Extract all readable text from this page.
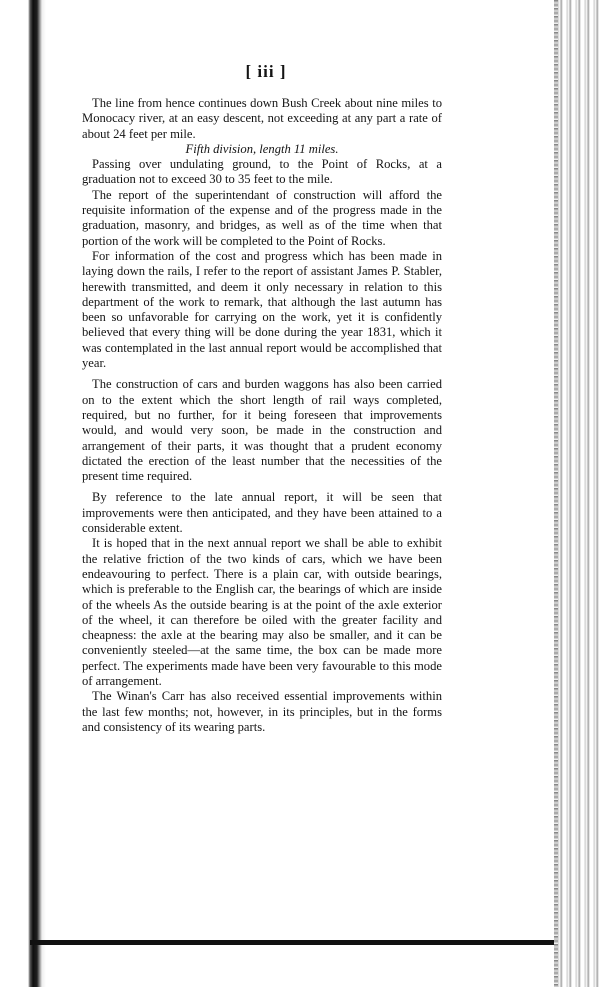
[ iii ]

The line from hence continues down Bush Creek about nine miles to Monocacy river, at an easy descent, not exceeding at any part a rate of about 24 feet per mile.

Fifth division, length 11 miles.

Passing over undulating ground, to the Point of Rocks, at a graduation not to exceed 30 to 35 feet to the mile.

The report of the superintendant of construction will afford the requisite information of the expense and of the progress made in the graduation, masonry, and bridges, as well as of the time when that portion of the work will be completed to the Point of Rocks.

For information of the cost and progress which has been made in laying down the rails, I refer to the report of assistant James P. Stabler, herewith transmitted, and deem it only necessary in relation to this department of the work to remark, that although the last autumn has been so unfavorable for carrying on the work, yet it is confidently believed that every thing will be done during the year 1831, which it was contemplated in the last annual report would be accomplished that year.

The construction of cars and burden waggons has also been carried on to the extent which the short length of rail ways completed, required, but no further, for it being foreseen that improvements would, and would very soon, be made in the construction and arrangement of their parts, it was thought that a prudent economy dictated the erection of the least number that the necessities of the present time required.

By reference to the late annual report, it will be seen that improvements were then anticipated, and they have been attained to a considerable extent.

It is hoped that in the next annual report we shall be able to exhibit the relative friction of the two kinds of cars, which we have been endeavouring to perfect. There is a plain car, with outside bearings, which is preferable to the English car, the bearings of which are inside of the wheels As the outside bearing is at the point of the axle exterior of the wheel, it can therefore be oiled with the greater facility and cheapness: the axle at the bearing may also be smaller, and it can be conveniently steeled—at the same time, the box can be made more perfect. The experiments made have been very favourable to this mode of arrangement.

The Winan's Carr has also received essential improvements within the last few months; not, however, in its principles, but in the forms and consistency of its wearing parts.
